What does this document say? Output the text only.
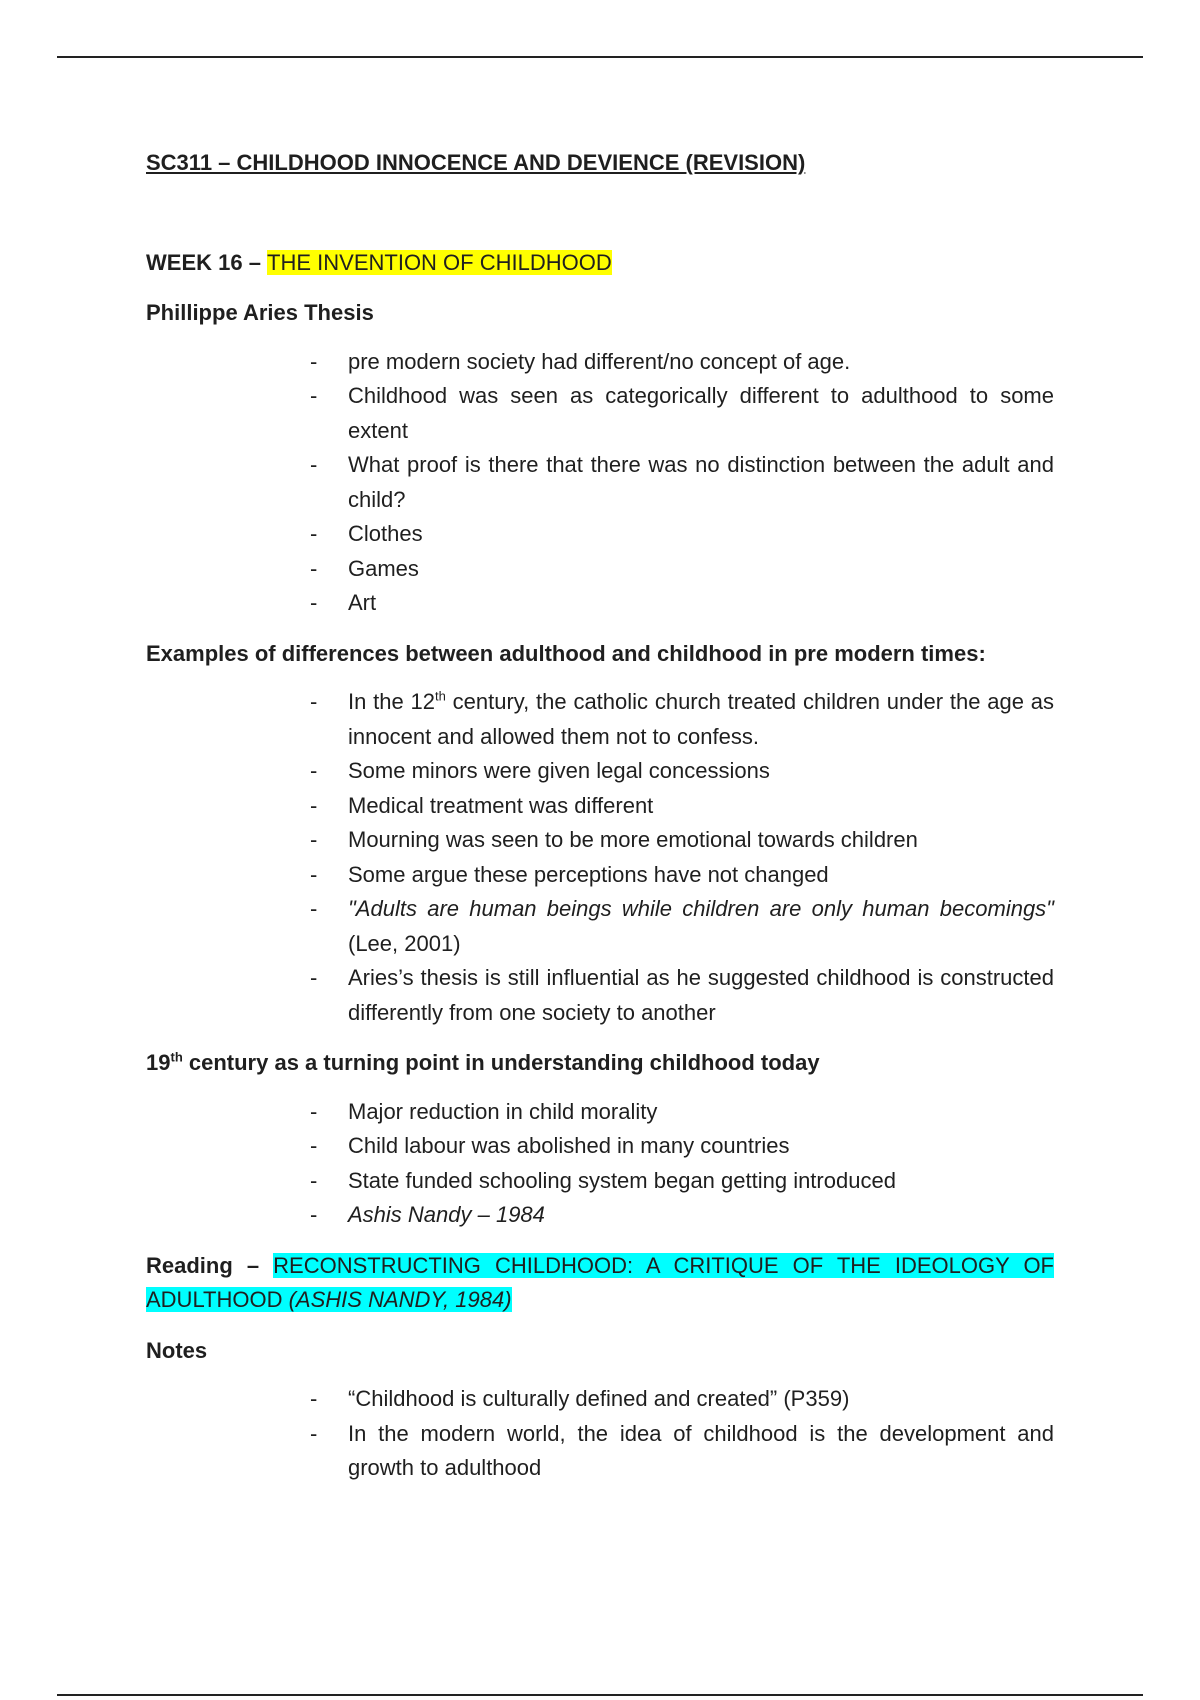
SC311 – CHILDHOOD INNOCENCE AND DEVIENCE (REVISION)

WEEK 16 – THE INVENTION OF CHILDHOOD
Phillippe Aries Thesis
- pre modern society had different/no concept of age.
- Childhood was seen as categorically different to adulthood to some extent
- What proof is there that there was no distinction between the adult and child?
- Clothes
- Games
- Art
Examples of differences between adulthood and childhood in pre modern times:
- In the 12th century, the catholic church treated children under the age as innocent and allowed them not to confess.
- Some minors were given legal concessions
- Medical treatment was different
- Mourning was seen to be more emotional towards children
- Some argue these perceptions have not changed
- "Adults are human beings while children are only human becomings" (Lee, 2001)
- Aries’s thesis is still influential as he suggested childhood is constructed differently from one society to another
19th century as a turning point in understanding childhood today
- Major reduction in child morality
- Child labour was abolished in many countries
- State funded schooling system began getting introduced
- Ashis Nandy – 1984
Reading – RECONSTRUCTING CHILDHOOD: A CRITIQUE OF THE IDEOLOGY OF ADULTHOOD (ASHIS NANDY, 1984)
Notes
- “Childhood is culturally defined and created” (P359)
- In the modern world, the idea of childhood is the development and growth to adulthood
